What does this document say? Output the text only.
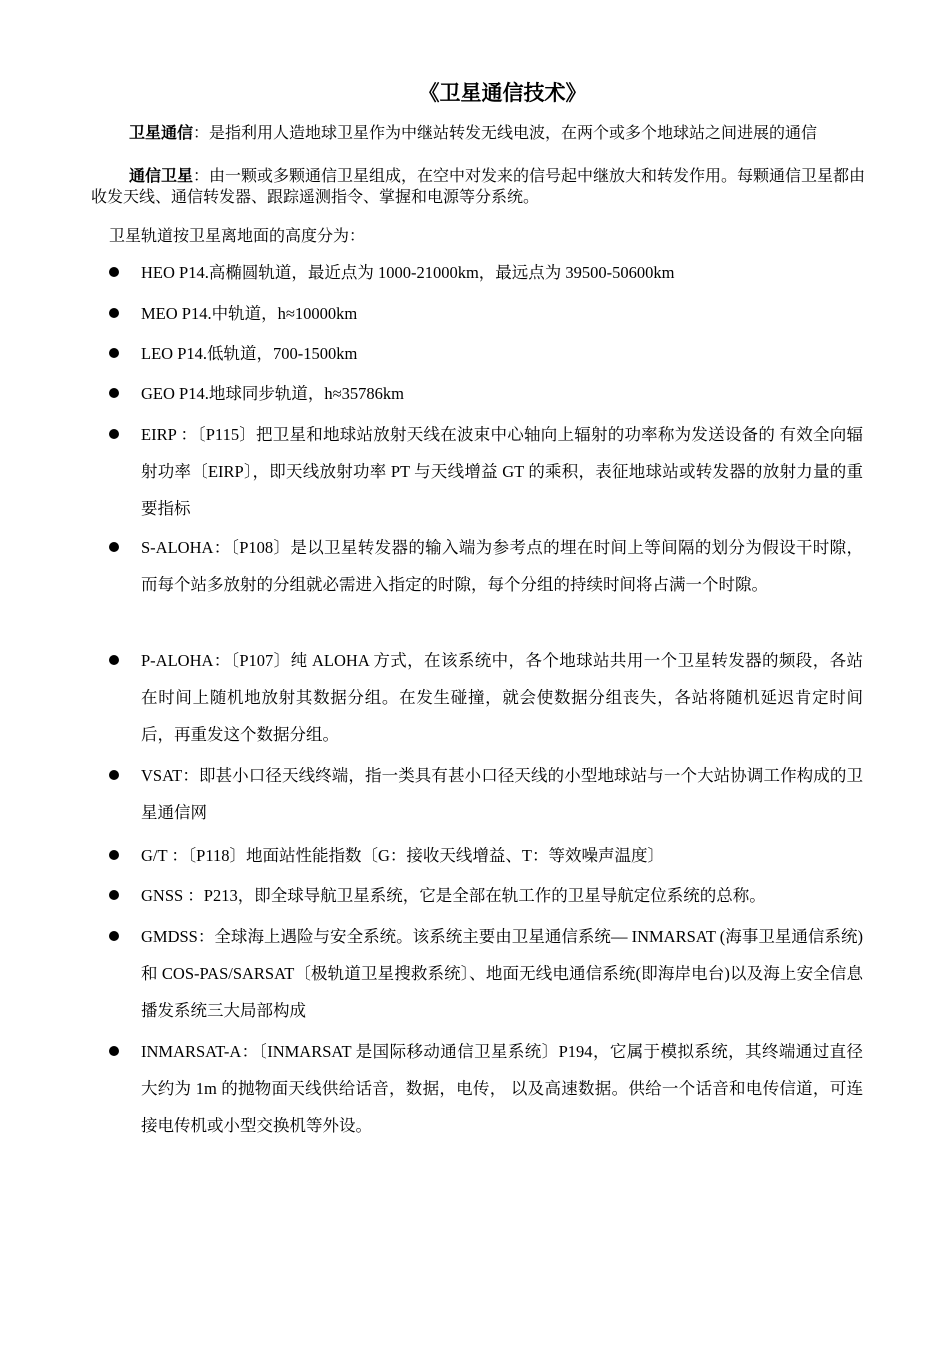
《卫星通信技术》
卫星通信：是指利用人造地球卫星作为中继站转发无线电波，在两个或多个地球站之间进展的通信
通信卫星：由一颗或多颗通信卫星组成，在空中对发来的信号起中继放大和转发作用。每颗通信卫星都由收发天线、通信转发器、跟踪遥测指令、掌握和电源等分系统。
卫星轨道按卫星离地面的高度分为：
HEO P14.高椭圆轨道，最近点为 1000-21000km，最远点为 39500-50600km
MEO P14.中轨道，h≈10000km
LEO P14.低轨道，700-1500km
GEO P14.地球同步轨道，h≈35786km
EIRP ：〔P115〕把卫星和地球站放射天线在波束中心轴向上辐射的功率称为发送设备的 有效全向辐射功率〔EIRP〕，即天线放射功率 PT 与天线增益 GT 的乘积，表征地球站或转发器的放射力量的重要指标
S-ALOHA：〔P108〕是以卫星转发器的输入端为参考点的埋在时间上等间隔的划分为假设干时隙，而每个站多放射的分组就必需进入指定的时隙，每个分组的持续时间将占满一个时隙。
P-ALOHA：〔P107〕纯 ALOHA 方式，在该系统中，各个地球站共用一个卫星转发器的频段，各站在时间上随机地放射其数据分组。在发生碰撞，就会使数据分组丧失，各站将随机延迟肯定时间后，再重发这个数据分组。
VSAT：即甚小口径天线终端，指一类具有甚小口径天线的小型地球站与一个大站协调工作构成的卫星通信网
G/T ：〔P118〕地面站性能指数〔G：接收天线增益、T：等效噪声温度〕
GNSS ：P213，即全球导航卫星系统，它是全部在轨工作的卫星导航定位系统的总称。
GMDSS：全球海上遇险与安全系统。该系统主要由卫星通信系统— INMARSAT (海事卫星通信系统) 和 COS-PAS/SARSAT〔极轨道卫星搜救系统〕、地面无线电通信系统(即海岸电台)以及海上安全信息播发系统三大局部构成
INMARSAT-A：〔INMARSAT 是国际移动通信卫星系统〕P194，它属于模拟系统，其终端通过直径大约为 1m 的抛物面天线供给话音，数据，电传， 以及高速数据。供给一个话音和电传信道，可连接电传机或小型交换机等外设。
